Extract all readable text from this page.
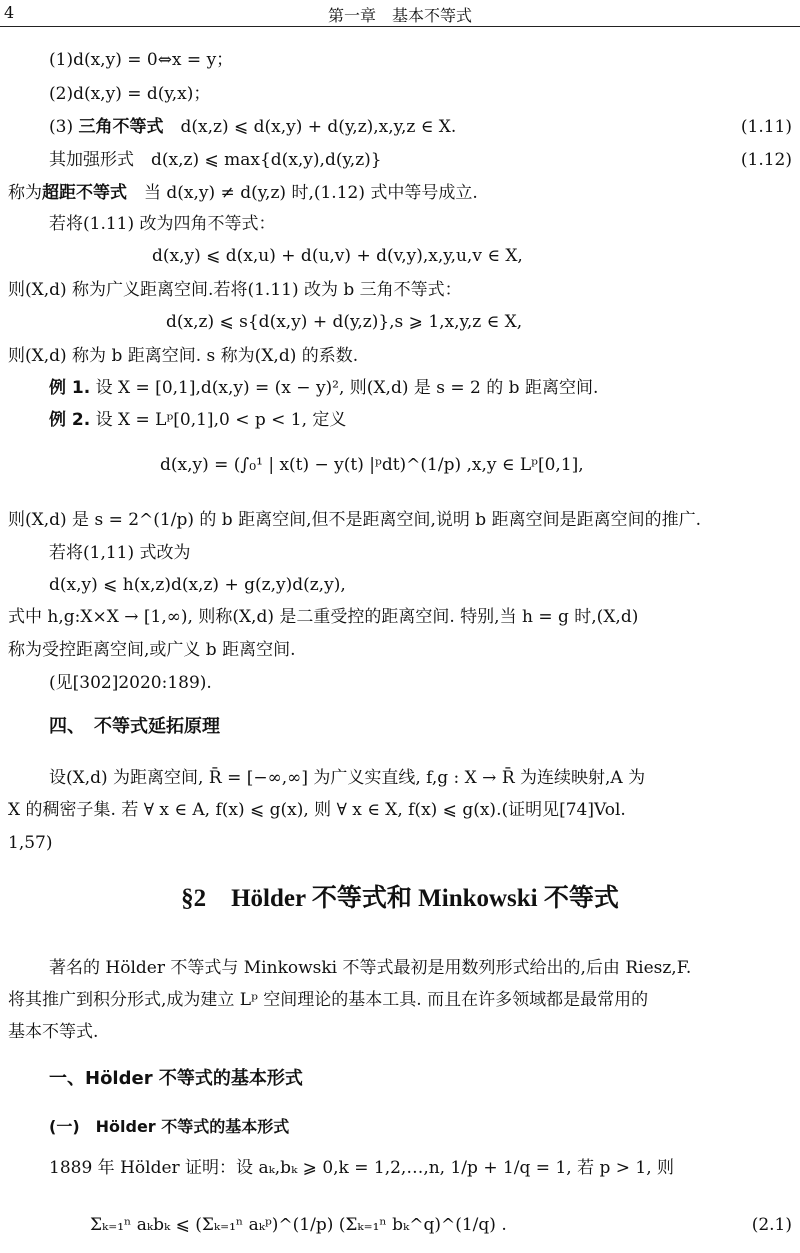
4	第一章　基本不等式
(1)d(x,y) = 0⇔x = y；
(2)d(x,y) = d(y,x)；
(3) 三角不等式　d(x,z) ⩽ d(x,y) + d(y,z),x,y,z ∈ X.	(1.11)
其加强形式　d(x,z) ⩽ max{d(x,y),d(y,z)}	(1.12)
称为超距不等式　当 d(x,y) ≠ d(y,z) 时,(1.12) 式中等号成立.
若将(1.11) 改为四角不等式：
d(x,y) ⩽ d(x,u) + d(u,v) + d(v,y),x,y,u,v ∈ X,
则(X,d) 称为广义距离空间.若将(1.11) 改为 b 三角不等式：
d(x,z) ⩽ s{d(x,y) + d(y,z)},s ⩾ 1,x,y,z ∈ X,
则(X,d) 称为 b 距离空间. s 称为(X,d) 的系数.
例 1. 设 X = [0,1],d(x,y) = (x − y)², 则(X,d) 是 s = 2 的 b 距离空间.
例 2. 设 X = Lᵖ[0,1],0 < p < 1, 定义
d(x,y) = (∫₀¹ | x(t) − y(t) |ᵖdt)^(1/p) ,x,y ∈ Lᵖ[0,1],
则(X,d) 是 s = 2^(1/p) 的 b 距离空间,但不是距离空间,说明 b 距离空间是距离空间的推广.
若将(1,11) 式改为
d(x,y) ⩽ h(x,z)d(x,z) + g(z,y)d(z,y),
式中 h,g:X×X → [1,∞), 则称(X,d) 是二重受控的距离空间. 特别,当 h = g 时,(X,d)
称为受控距离空间,或广义 b 距离空间.
(见[302]2020:189).
四、　不等式延拓原理
设(X,d) 为距离空间, R̄ = [−∞,∞] 为广义实直线, f,g : X → R̄ 为连续映射,A 为
X 的稠密子集. 若 ∀ x ∈ A, f(x) ⩽ g(x), 则 ∀ x ∈ X, f(x) ⩽ g(x).(证明见[74]Vol.
1,57)
§2　Hölder 不等式和 Minkowski 不等式
著名的 Hölder 不等式与 Minkowski 不等式最初是用数列形式给出的,后由 Riesz,F.
将其推广到积分形式,成为建立 Lᵖ 空间理论的基本工具. 而且在许多领域都是最常用的
基本不等式.
一、Hölder 不等式的基本形式
(一)　Hölder 不等式的基本形式
1889 年 Hölder 证明：设 aₖ,bₖ ⩾ 0,k = 1,2,…,n, 1/p + 1/q = 1, 若 p > 1, 则
Σₖ₌₁ⁿ aₖbₖ ⩽ (Σₖ₌₁ⁿ aₖᵖ)^(1/p) (Σₖ₌₁ⁿ bₖ^q)^(1/q) .	(2.1)
